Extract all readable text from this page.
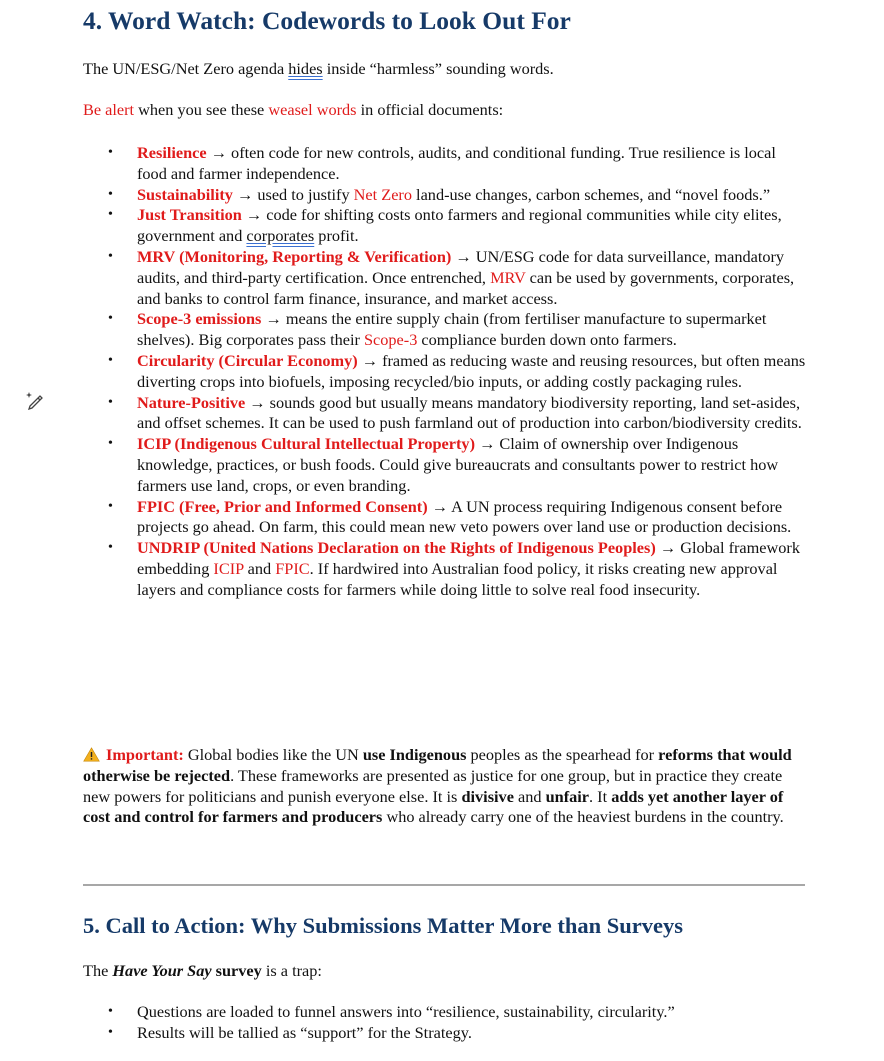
4. Word Watch: Codewords to Look Out For

The UN/ESG/Net Zero agenda hides inside “harmless” sounding words.

Be alert when you see these weasel words in official documents:

• Resilience → often code for new controls, audits, and conditional funding. True resilience is local food and farmer independence.
• Sustainability → used to justify Net Zero land-use changes, carbon schemes, and “novel foods.”
• Just Transition → code for shifting costs onto farmers and regional communities while city elites, government and corporates profit.
• MRV (Monitoring, Reporting & Verification) → UN/ESG code for data surveillance, mandatory audits, and third-party certification. Once entrenched, MRV can be used by governments, corporates, and banks to control farm finance, insurance, and market access.
• Scope-3 emissions → means the entire supply chain (from fertiliser manufacture to supermarket shelves). Big corporates pass their Scope-3 compliance burden down onto farmers.
• Circularity (Circular Economy) → framed as reducing waste and reusing resources, but often means diverting crops into biofuels, imposing recycled/bio inputs, or adding costly packaging rules.
• Nature-Positive → sounds good but usually means mandatory biodiversity reporting, land set-asides, and offset schemes. It can be used to push farmland out of production into carbon/biodiversity credits.
• ICIP (Indigenous Cultural Intellectual Property) → Claim of ownership over Indigenous knowledge, practices, or bush foods. Could give bureaucrats and consultants power to restrict how farmers use land, crops, or even branding.
• FPIC (Free, Prior and Informed Consent) → A UN process requiring Indigenous consent before projects go ahead. On farm, this could mean new veto powers over land use or production decisions.
• UNDRIP (United Nations Declaration on the Rights of Indigenous Peoples) → Global framework embedding ICIP and FPIC. If hardwired into Australian food policy, it risks creating new approval layers and compliance costs for farmers while doing little to solve real food insecurity.

Important: Global bodies like the UN use Indigenous peoples as the spearhead for reforms that would otherwise be rejected. These frameworks are presented as justice for one group, but in practice they create new powers for politicians and punish everyone else. It is divisive and unfair. It adds yet another layer of cost and control for farmers and producers who already carry one of the heaviest burdens in the country.

5. Call to Action: Why Submissions Matter More than Surveys

The Have Your Say survey is a trap:

• Questions are loaded to funnel answers into “resilience, sustainability, circularity.”
• Results will be tallied as “support” for the Strategy.
